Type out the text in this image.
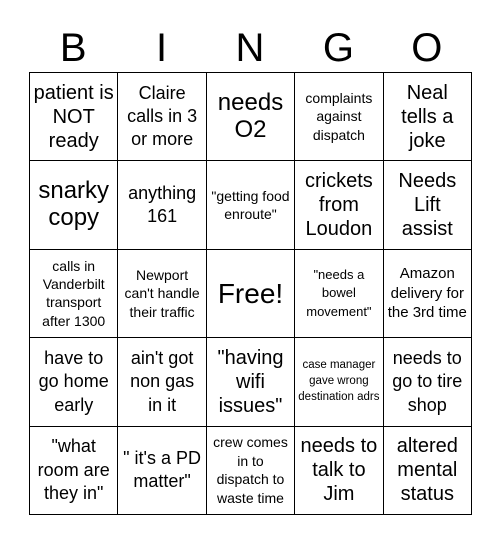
B	I	N	G	O
patient is NOT ready
Claire calls in 3 or more
needs O2
complaints against dispatch
Neal tells a joke
snarky copy
anything 161
"getting food enroute"
crickets from Loudon
Needs Lift assist
calls in Vanderbilt transport after 1300
Newport can't handle their traffic
Free!
"needs a bowel movement"
Amazon delivery for the 3rd time
have to go home early
ain't got non gas in it
"having wifi issues"
case manager gave wrong destination adrs
needs to go to tire shop
"what room are they in"
" it's a PD matter"
crew comes in to dispatch to waste time
needs to talk to Jim
altered mental status
